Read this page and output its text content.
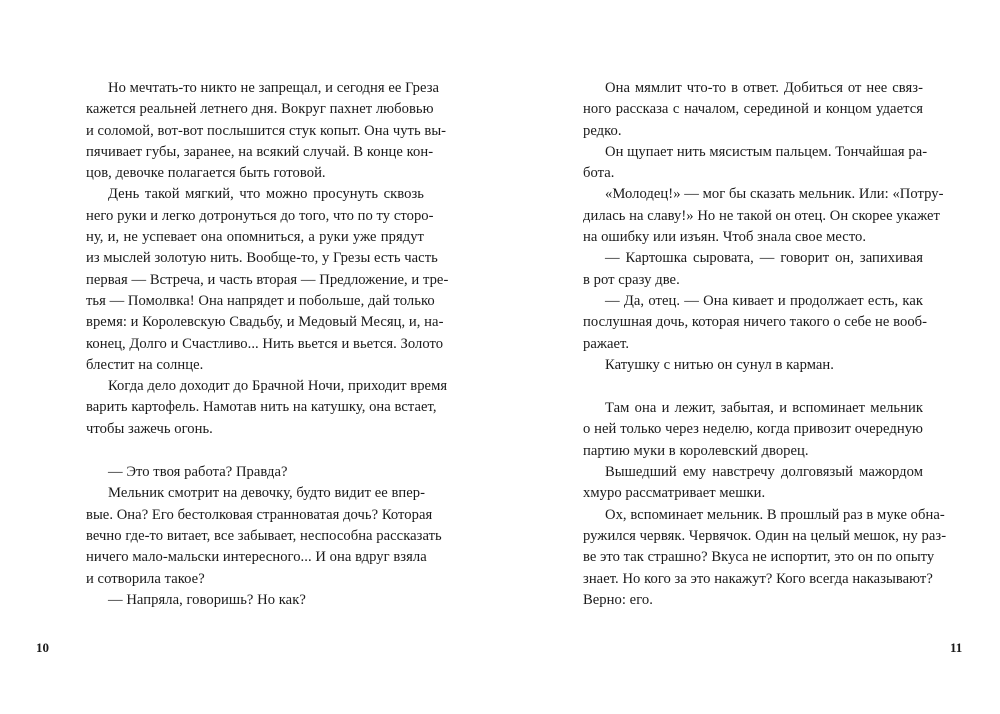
Но мечтать-то никто не запрещал, и сегодня ее Греза
кажется реальней летнего дня. Вокруг пахнет любовью
и соломой, вот-вот послышится стук копыт. Она чуть вы-
пячивает губы, заранее, на всякий случай. В конце кон-
цов, девочке полагается быть готовой.
День такой мягкий, что можно просунуть сквозь
него руки и легко дотронуться до того, что по ту сторо-
ну, и, не успевает она опомниться, а руки уже прядут
из мыслей золотую нить. Вообще-то, у Грезы есть часть
первая — Встреча, и часть вторая — Предложение, и тре-
тья — Помолвка! Она напрядет и побольше, дай только
время: и Королевскую Свадьбу, и Медовый Месяц, и, на-
конец, Долго и Счастливо... Нить вьется и вьется. Золото
блестит на солнце.
Когда дело доходит до Брачной Ночи, приходит время
варить картофель. Намотав нить на катушку, она встает,
чтобы зажечь огонь.
— Это твоя работа? Правда?
Мельник смотрит на девочку, будто видит ее впер-
вые. Она? Его бестолковая странноватая дочь? Которая
вечно где-то витает, все забывает, неспособна рассказать
ничего мало-мальски интересного... И она вдруг взяла
и сотворила такое?
— Напряла, говоришь? Но как?
Она мямлит что-то в ответ. Добиться от нее связ-
ного рассказа с началом, серединой и концом удается
редко.
Он щупает нить мясистым пальцем. Тончайшая ра-
бота.
«Молодец!» — мог бы сказать мельник. Или: «Потру-
дилась на славу!» Но не такой он отец. Он скорее укажет
на ошибку или изъян. Чтоб знала свое место.
— Картошка сыровата, — говорит он, запихивая
в рот сразу две.
— Да, отец. — Она кивает и продолжает есть, как
послушная дочь, которая ничего такого о себе не вооб-
ражает.
Катушку с нитью он сунул в карман.
Там она и лежит, забытая, и вспоминает мельник
о ней только через неделю, когда привозит очередную
партию муки в королевский дворец.
Вышедший ему навстречу долговязый мажордом
хмуро рассматривает мешки.
Ох, вспоминает мельник. В прошлый раз в муке обна-
ружился червяк. Червячок. Один на целый мешок, ну раз-
ве это так страшно? Вкуса не испортит, это он по опыту
знает. Но кого за это накажут? Кого всегда наказывают?
Верно: его.
10	11
